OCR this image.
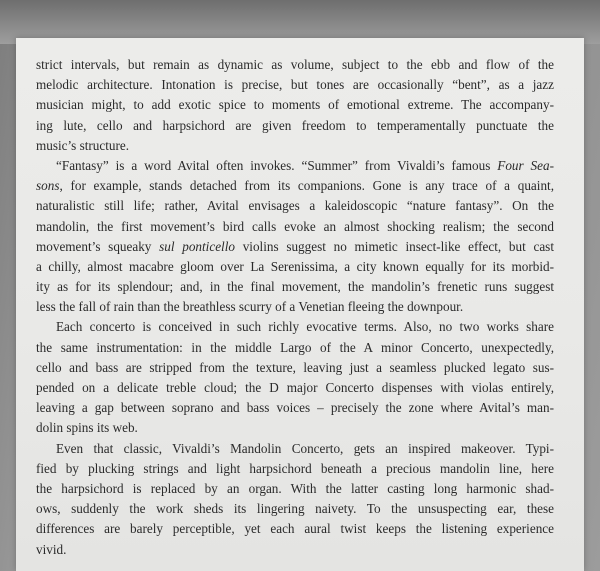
strict intervals, but remain as dynamic as volume, subject to the ebb and flow of the
melodic architecture. Intonation is precise, but tones are occasionally “bent”, as a jazz
musician might, to add exotic spice to moments of emotional extreme. The accompany-
ing lute, cello and harpsichord are given freedom to temperamentally punctuate the
music’s structure.
“Fantasy” is a word Avital often invokes. “Summer” from Vivaldi’s famous Four Sea-
sons, for example, stands detached from its companions. Gone is any trace of a quaint,
naturalistic still life; rather, Avital envisages a kaleidoscopic “nature fantasy”. On the
mandolin, the first movement’s bird calls evoke an almost shocking realism; the second
movement’s squeaky sul ponticello violins suggest no mimetic insect-like effect, but cast
a chilly, almost macabre gloom over La Serenissima, a city known equally for its morbid-
ity as for its splendour; and, in the final movement, the mandolin’s frenetic runs suggest
less the fall of rain than the breathless scurry of a Venetian fleeing the downpour.
Each concerto is conceived in such richly evocative terms. Also, no two works share
the same instrumentation: in the middle Largo of the A minor Concerto, unexpectedly,
cello and bass are stripped from the texture, leaving just a seamless plucked legato sus-
pended on a delicate treble cloud; the D major Concerto dispenses with violas entirely,
leaving a gap between soprano and bass voices – precisely the zone where Avital’s man-
dolin spins its web.
Even that classic, Vivaldi’s Mandolin Concerto, gets an inspired makeover. Typi-
fied by plucking strings and light harpsichord beneath a precious mandolin line, here
the harpsichord is replaced by an organ. With the latter casting long harmonic shad-
ows, suddenly the work sheds its lingering naivety. To the unsuspecting ear, these
differences are barely perceptible, yet each aural twist keeps the listening experience
vivid.
